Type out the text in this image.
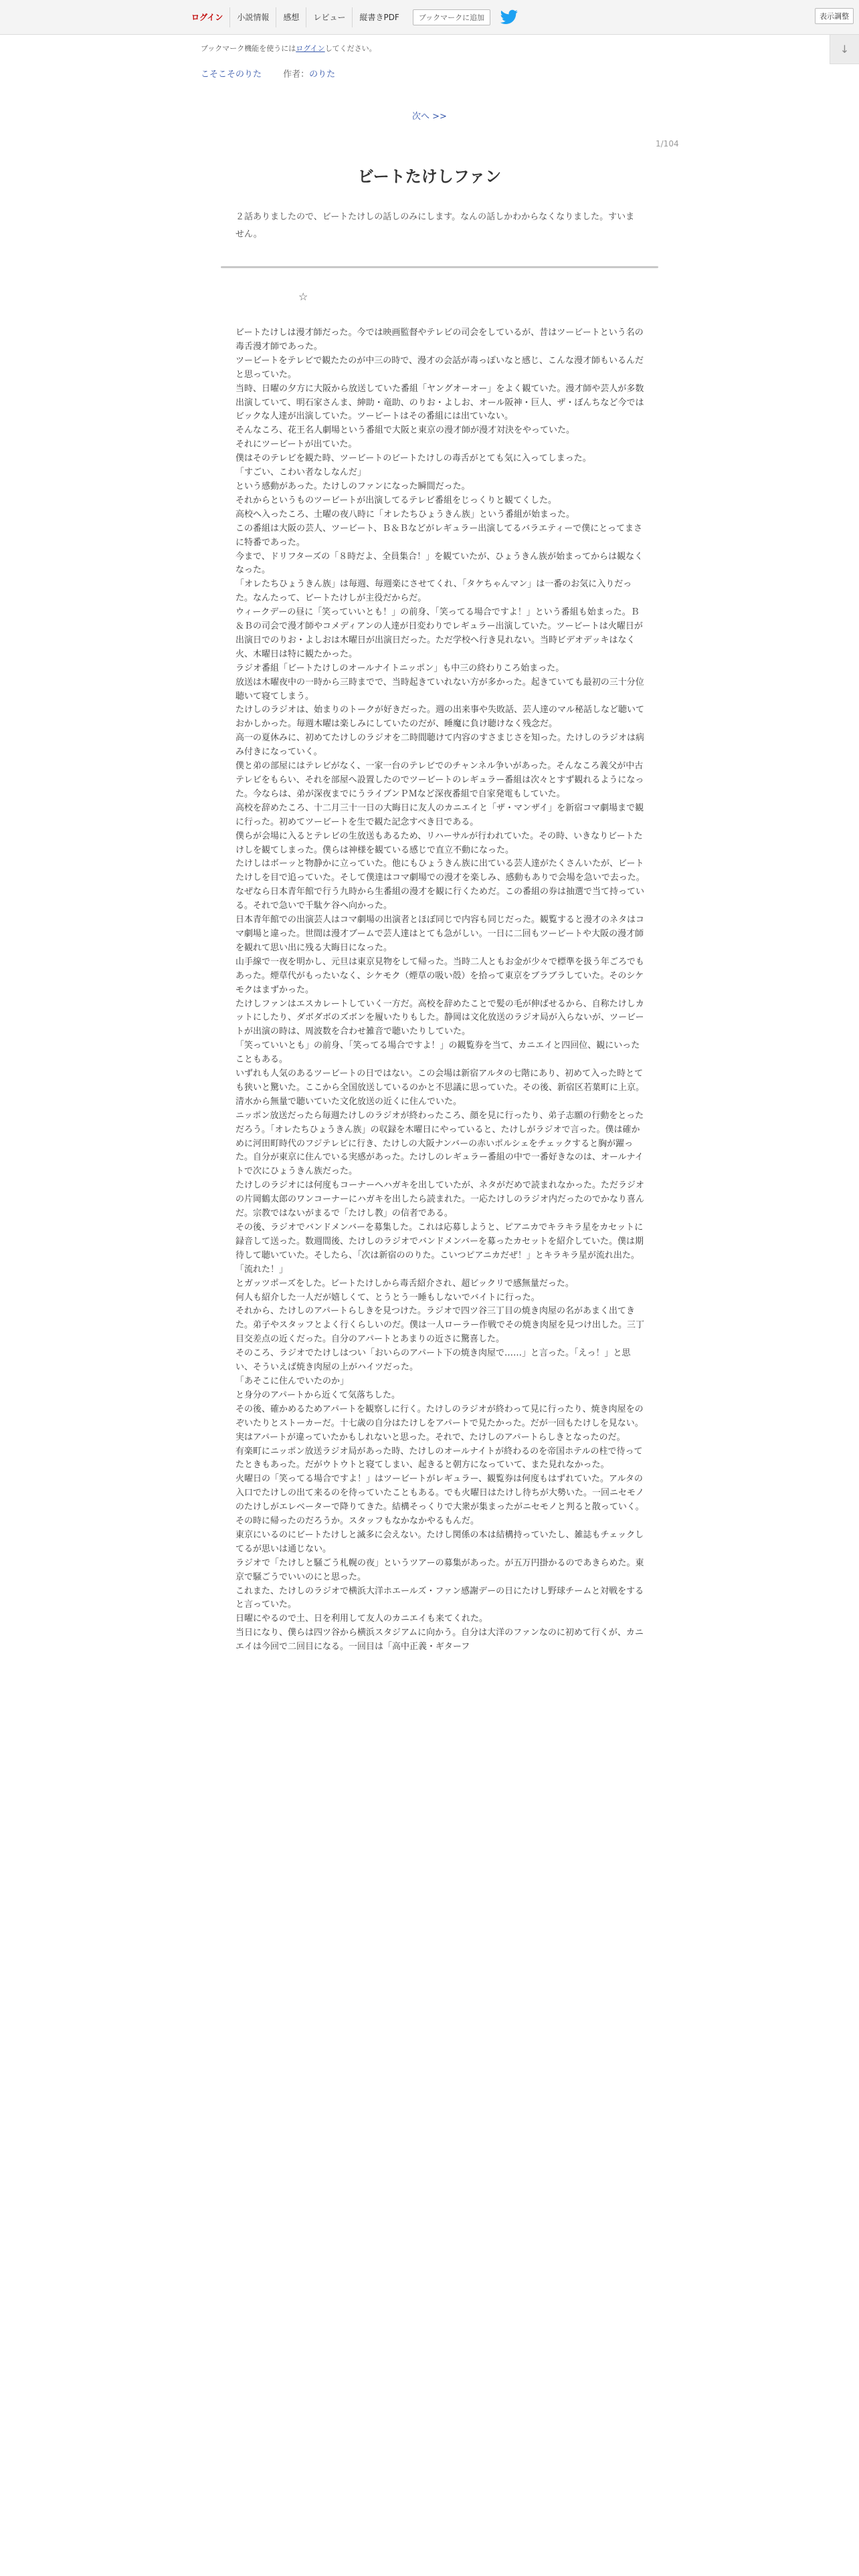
ログイン	小説情報	感想	レビュー	縦書きPDF	ブックマークに追加	表示調整
↓
ブックマーク機能を使うにはログインしてください。
こそこそのりた 作者：のりた
次へ >>
1/104
ビートたけしファン
２話ありましたので、ビートたけしの話しのみにします。なんの話しかわからなくなりました。すいません。
☆

ビートたけしは漫才師だった。今では映画監督やテレビの司会をしているが、昔はツービートという名の毒舌漫才師であった。

ツービートをテレビで観たたのが中三の時で、漫才の会話が毒っぽいなと感じ、こんな漫才師もいるんだと思っていた。

当時、日曜の夕方に大阪から放送していた番組「ヤングオーオー」をよく観ていた。漫才師や芸人が多数出演していて、明石家さんま、紳助・竜助、のりお・よしお、オール阪神・巨人、ザ・ぼんちなど今ではビックな人達が出演していた。ツービートはその番組には出ていない。

そんなころ、花王名人劇場という番組で大阪と東京の漫才師が漫才対決をやっていた。

それにツービートが出ていた。

僕はそのテレビを観た時、ツービートのビートたけしの毒舌がとても気に入ってしまった。

「すごい、こわい者なしなんだ」

という感動があった。たけしのファンになった瞬間だった。

それからというものツービートが出演してるテレビ番組をじっくりと観てくした。

高校へ入ったころ、土曜の夜八時に「オレたちひょうきん族」という番組が始まった。

この番組は大阪の芸人、ツービート、Ｂ＆Ｂなどがレギュラー出演してるバラエティーで僕にとってまさに特番であった。

今まで、ドリフターズの「８時だよ、全員集合！」を観ていたが、ひょうきん族が始まってからは観なくなった。

「オレたちひょうきん族」は毎週、毎週楽にさせてくれ、「タケちゃんマン」は一番のお気に入りだった。なんたって、ビートたけしが主役だからだ。

ウィークデーの昼に「笑っていいとも！」の前身、「笑ってる場合ですよ！」という番組も始まった。Ｂ＆Ｂの司会で漫才師やコメディアンの人達が日変わりでレギュラー出演していた。ツービートは火曜日が出演日でのりお・よしおは木曜日が出演日だった。ただ学校へ行き見れない。当時ビデオデッキはなく火、木曜日は特に観たかった。

ラジオ番組「ビートたけしのオールナイトニッポン」も中三の終わりころ始まった。

放送は木曜夜中の一時から三時までで、当時起きていれない方が多かった。起きていても最初の三十分位聴いて寝てしまう。

たけしのラジオは、始まりのトークが好きだった。週の出来事や失敗話、芸人達のマル秘話しなど聴いておかしかった。毎週木曜は楽しみにしていたのだが、睡魔に負け聴けなく残念だ。

高一の夏休みに、初めてたけしのラジオを二時間聴けて内容のすさまじさを知った。たけしのラジオは病み付きになっていく。

僕と弟の部屋にはテレビがなく、一家一台のテレビでのチャンネル争いがあった。そんなころ義父が中古テレビをもらい、それを部屋へ設置したのでツービートのレギュラー番組は次々とすず観れるようになった。今ならは、弟が深夜までにうライブンＰＭなど深夜番組で自家発電もしていた。

高校を辞めたころ、十二月三十一日の大晦日に友人のカニエイと「ザ・マンザイ」を新宿コマ劇場まで観に行った。初めてツービートを生で観た記念すべき日である。

僕らが会場に入るとテレビの生放送もあるため、リハーサルが行われていた。その時、いきなりビートたけしを観てしまった。僕らは神様を観ている感じで直立不動になった。

たけしはボーッと物静かに立っていた。他にもひょうきん族に出ている芸人達がたくさんいたが、ビートたけしを目で追っていた。そして僕達はコマ劇場での漫才を楽しみ、感動もありで会場を急いで去った。なぜなら日本青年館で行う九時から生番組の漫才を観に行くためだ。この番組の券は抽選で当て持っている。それで急いで千駄ケ谷へ向かった。

日本青年館での出演芸人はコマ劇場の出演者とほぼ同じで内容も同じだった。観覧すると漫才のネタはコマ劇場と違った。世間は漫才ブームで芸人達はとても急がしい。一日に二回もツービートや大阪の漫才師を観れて思い出に残る大晦日になった。

山手線で一夜を明かし、元旦は東京見物をして帰った。当時二人ともお金が少々で標準を扱う年ごろでもあった。煙草代がもったいなく、シケモク（煙草の吸い殻）を拾って東京をブラブラしていた。そのシケモクはまずかった。

たけしファンはエスカレートしていく一方だ。高校を辞めたことで髪の毛が伸ばせるから、自称たけしカットにしたり、ダボダボのズボンを履いたりもした。静岡は文化放送のラジオ局が入らないが、ツービートが出演の時は、周波数を合わせ雑音で聴いたりしていた。

「笑っていいとも」の前身、「笑ってる場合ですよ！」の観覧券を当て、カニエイと四回位、観にいったこともある。

いずれも人気のあるツービートの日ではない。この会場は新宿アルタの七階にあり、初めて入った時とても狭いと驚いた。ここから全国放送しているのかと不思議に思っていた。その後、新宿区若葉町に上京。清水から無量で聴いていた文化放送の近くに住んでいた。

ニッポン放送だったら毎週たけしのラジオが終わったころ、顔を見に行ったり、弟子志願の行動をとっただろう。「オレたちひょうきん族」の収録を木曜日にやっていると、たけしがラジオで言った。僕は確かめに河田町時代のフジテレビに行き、たけしの大阪ナンバーの赤いポルシェをチェックすると胸が躍った。自分が東京に住んでいる実感があった。たけしのレギュラー番組の中で一番好きなのは、オールナイトで次にひょうきん族だった。

たけしのラジオには何度もコーナーへハガキを出していたが、ネタがだめで読まれなかった。ただラジオの片岡鶴太郎のワンコーナーにハガキを出したら読まれた。一応たけしのラジオ内だったのでかなり喜んだ。宗教ではないがまるで「たけし教」の信者である。

その後、ラジオでバンドメンバーを募集した。これは応募しようと、ピアニカでキラキラ星をカセットに録音して送った。数週間後、たけしのラジオでバンドメンバーを募ったカセットを紹介していた。僕は期待して聴いていた。そしたら、「次は新宿ののりた。こいつピアニカだぜ！」とキラキラ星が流れ出た。

「流れた！」

とガッツポーズをした。ビートたけしから毒舌紹介され、超ビックリで感無量だった。

何人も紹介した一人だが嬉しくて、とうとう一睡もしないでバイトに行った。

それから、たけしのアパートらしきを見つけた。ラジオで四ツ谷三丁目の焼き肉屋の名があまく出てきた。弟子やスタッフとよく行くらしいのだ。僕は一人ローラー作戦でその焼き肉屋を見つけ出した。三丁目交差点の近くだった。自分のアパートとあまりの近さに驚喜した。

そのころ、ラジオでたけしはつい「おいらのアパート下の焼き肉屋で……」と言った。「えっ！」と思い、そういえば焼き肉屋の上がハイツだった。

「あそこに住んでいたのか」

と身分のアパートから近くて気落ちした。

その後、確かめるためアパートを観察しに行く。たけしのラジオが終わって見に行ったり、焼き肉屋をのぞいたりとストーカーだ。十七歳の自分はたけしをアパートで見たかった。だが一回もたけしを見ない。実はアパートが違っていたかもしれないと思った。それで、たけしのアパートらしきとなったのだ。

有楽町にニッポン放送ラジオ局があった時、たけしのオールナイトが終わるのを帝国ホテルの柱で待ってたときもあった。だがウトウトと寝てしまい、起きると朝方になっていて、また見れなかった。

火曜日の「笑ってる場合ですよ！」はツービートがレギュラー、観覧券は何度もはずれていた。アルタの入口でたけしの出て来るのを待っていたこともある。でも火曜日はたけし待ちが大勢いた。一回ニセモノのたけしがエレベーターで降りてきた。結構そっくりで大衆が集まったがニセモノと判ると散っていく。その時に帰ったのだろうか。スタッフもなかなかやるもんだ。

東京にいるのにビートたけしと滅多に会えない。たけし関係の本は結構持っていたし、雑誌もチェックしてるが思いは通じない。

ラジオで「たけしと騒ごう札幌の夜」というツアーの募集があった。が五万円掛かるのであきらめた。東京で騒ごうでいいのにと思った。

これまた、たけしのラジオで横浜大洋ホエールズ・ファン感謝デーの日にたけし野球チームと対戦をすると言っていた。

日曜にやるので土、日を利用して友人のカニエイも来てくれた。

当日になり、僕らは四ツ谷から横浜スタジアムに向かう。自分は大洋のファンなのに初めて行くが、カニエイは今回で二回目になる。一回目は「高中正義・ギターフ
